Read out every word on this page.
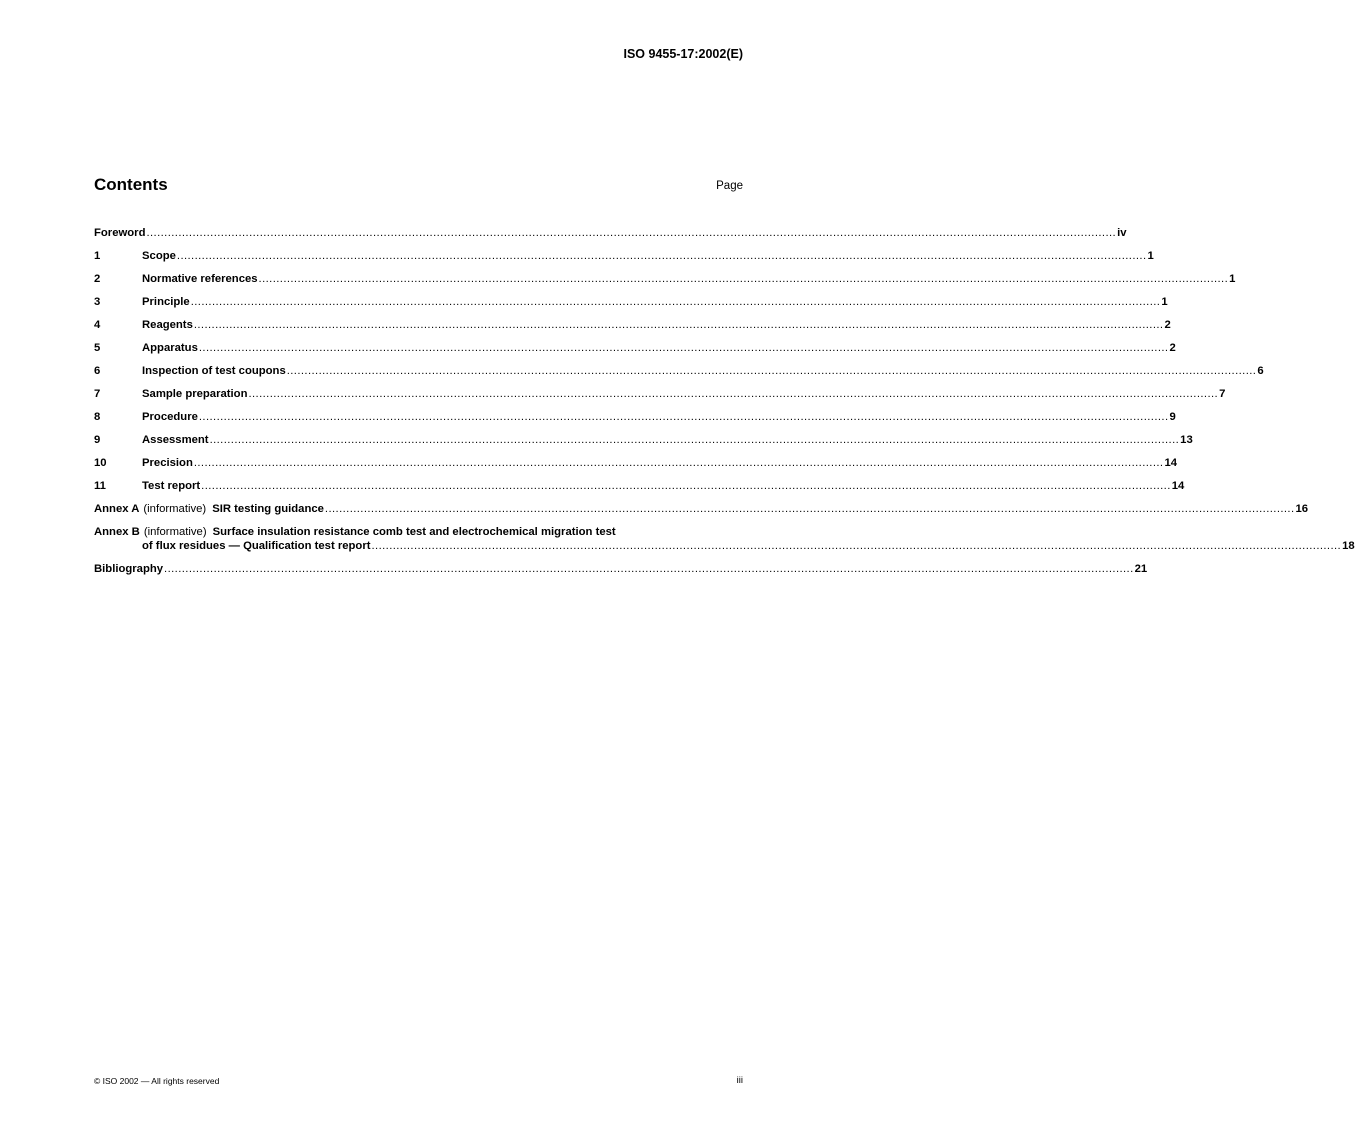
ISO 9455-17:2002(E)
Contents	Page
Foreword .....	iv
1	Scope .....	1
2	Normative references .....	1
3	Principle .....	1
4	Reagents .....	2
5	Apparatus .....	2
6	Inspection of test coupons .....	6
7	Sample preparation .....	7
8	Procedure .....	9
9	Assessment .....	13
10	Precision .....	14
11	Test report .....	14
Annex A (informative) SIR testing guidance .....	16
Annex B (informative) Surface insulation resistance comb test and electrochemical migration test
of flux residues — Qualification test report .....	18
Bibliography .....	21
© ISO 2002 — All rights reserved	iii
